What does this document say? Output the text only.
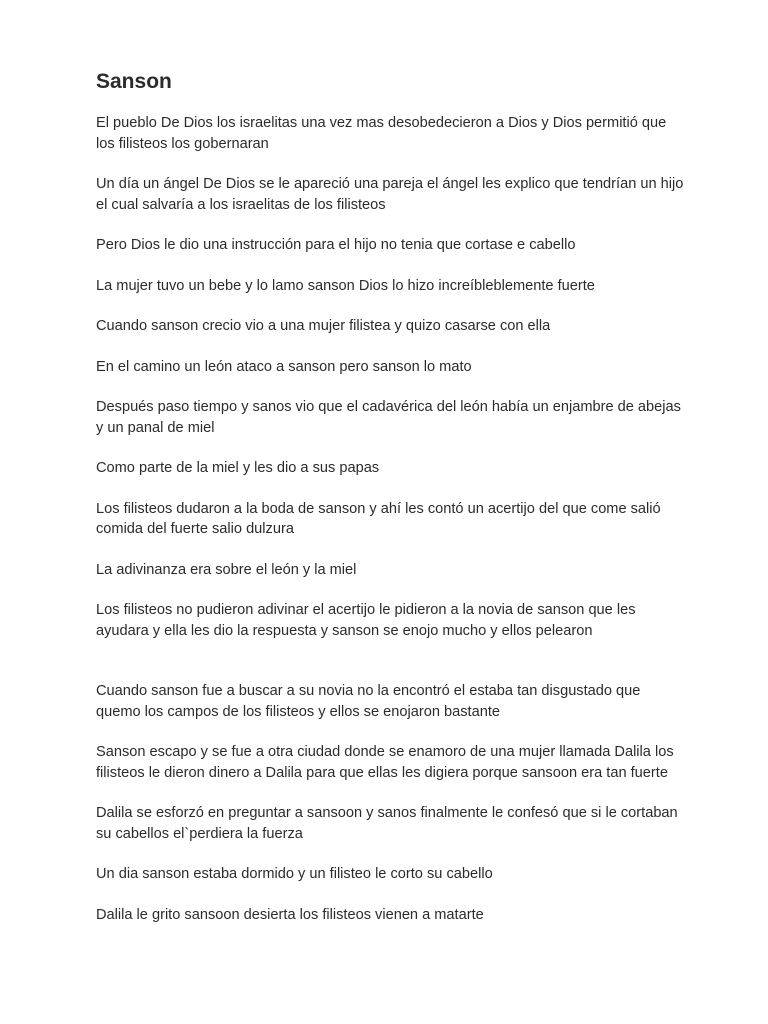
Sanson

El pueblo De Dios los israelitas una vez mas desobedecieron a Dios y Dios permitió que los filisteos los gobernaran

Un día un ángel De Dios se le apareció una pareja el ángel les explico que tendrían un hijo el cual salvaría a los israelitas de los filisteos

Pero Dios le dio una instrucción para el hijo no tenia que cortase e cabello

La mujer tuvo un bebe y lo lamo sanson Dios lo hizo increíbleblemente fuerte

Cuando sanson crecio vio a una mujer filistea y quizo casarse con ella

En el camino un león ataco a sanson pero sanson lo mato

Después paso tiempo y sanos vio que el cadavérica del león había un enjambre de abejas y un panal de miel

Como parte de la miel y les dio a sus papas

Los filisteos dudaron a la boda de sanson y ahí les contó un acertijo del que come salió comida del fuerte salio dulzura

La adivinanza era sobre el león y la miel

Los filisteos no pudieron adivinar el acertijo le pidieron a la novia de sanson que les ayudara y ella les dio la respuesta y sanson se enojo mucho y ellos pelearon

Cuando sanson fue a buscar a su novia no la encontró el estaba tan disgustado que quemo los campos de los filisteos y ellos se enojaron bastante

Sanson escapo y se fue a otra ciudad donde se enamoro de una mujer llamada Dalila los filisteos le dieron dinero a Dalila para que ellas les digiera porque sansoon era tan fuerte

Dalila se esforzó en preguntar a sansoon y sanos finalmente le confesó que si le cortaban su cabellos el`perdiera la fuerza

Un dia sanson estaba dormido y un filisteo le corto su cabello

Dalila le grito sansoon desierta los filisteos vienen a matarte
